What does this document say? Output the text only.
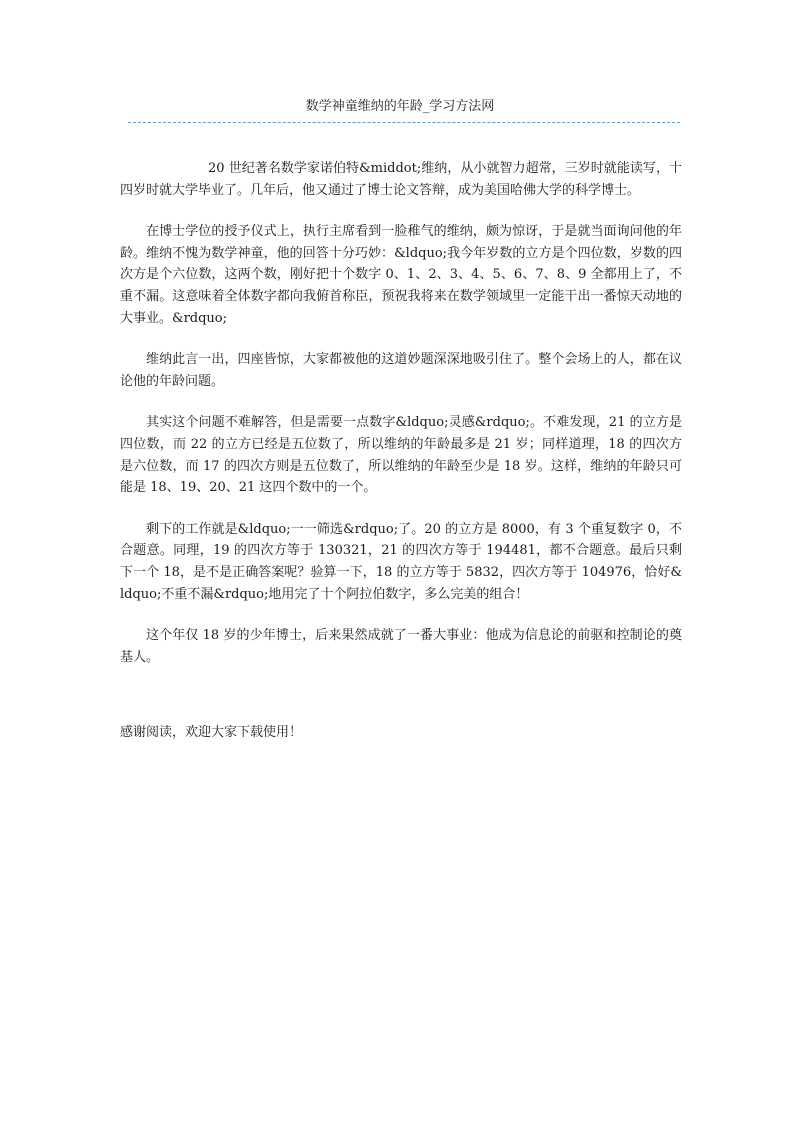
数学神童维纳的年龄_学习方法网

20 世纪著名数学家诺伯特&middot;维纳，从小就智力超常，三岁时就能读写，十四岁时就大学毕业了。几年后，他又通过了博士论文答辩，成为美国哈佛大学的科学博士。

在博士学位的授予仪式上，执行主席看到一脸稚气的维纳，颇为惊讶，于是就当面询问他的年龄。维纳不愧为数学神童，他的回答十分巧妙：&ldquo;我今年岁数的立方是个四位数，岁数的四次方是个六位数，这两个数，刚好把十个数字 0、1、2、3、4、5、6、7、8、9 全都用上了，不重不漏。这意味着全体数字都向我俯首称臣，预祝我将来在数学领域里一定能干出一番惊天动地的大事业。&rdquo;

维纳此言一出，四座皆惊，大家都被他的这道妙题深深地吸引住了。整个会场上的人，都在议论他的年龄问题。

其实这个问题不难解答，但是需要一点数字&ldquo;灵感&rdquo;。不难发现，21 的立方是四位数，而 22 的立方已经是五位数了，所以维纳的年龄最多是 21 岁；同样道理，18 的四次方是六位数，而 17 的四次方则是五位数了，所以维纳的年龄至少是 18 岁。这样，维纳的年龄只可能是 18、19、20、21 这四个数中的一个。

剩下的工作就是&ldquo;一一筛选&rdquo;了。20 的立方是 8000，有 3 个重复数字 0，不合题意。同理，19 的四次方等于 130321，21 的四次方等于 194481，都不合题意。最后只剩下一个 18，是不是正确答案呢？验算一下，18 的立方等于 5832，四次方等于 104976，恰好&ldquo;不重不漏&rdquo;地用完了十个阿拉伯数字，多么完美的组合！

这个年仅 18 岁的少年博士，后来果然成就了一番大事业：他成为信息论的前驱和控制论的奠基人。

感谢阅读，欢迎大家下载使用！
